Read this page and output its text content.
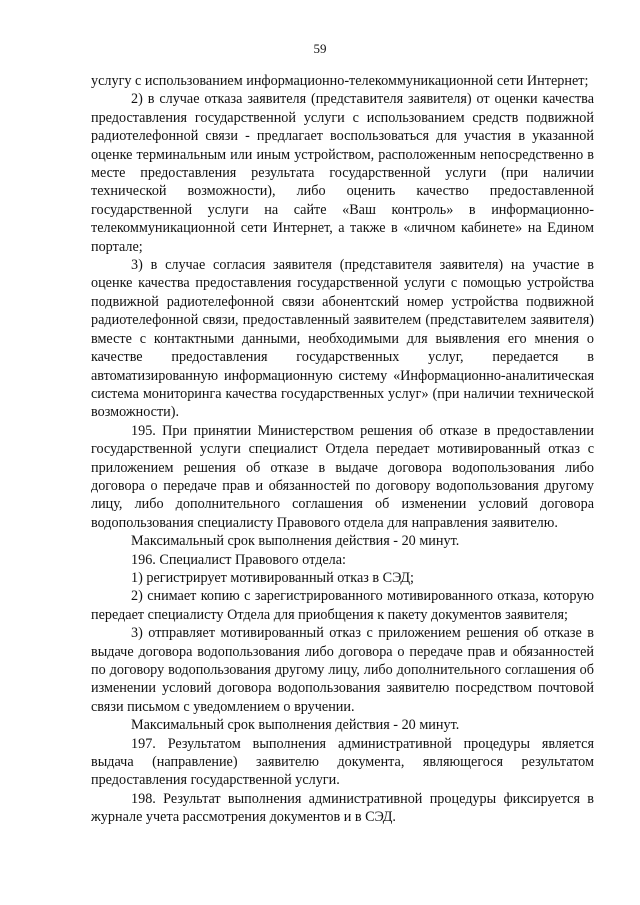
59

услугу с использованием информационно-телекоммуникационной сети Интернет;

2) в случае отказа заявителя (представителя заявителя) от оценки качества предоставления государственной услуги с использованием средств подвижной радиотелефонной связи - предлагает воспользоваться для участия в указанной оценке терминальным или иным устройством, расположенным непосредственно в месте предоставления результата государственной услуги (при наличии технической возможности), либо оценить качество предоставленной государственной услуги на сайте «Ваш контроль» в информационно-телекоммуникационной сети Интернет, а также в «личном кабинете» на Едином портале;

3) в случае согласия заявителя (представителя заявителя) на участие в оценке качества предоставления государственной услуги с помощью устройства подвижной радиотелефонной связи абонентский номер устройства подвижной радиотелефонной связи, предоставленный заявителем (представителем заявителя) вместе с контактными данными, необходимыми для выявления его мнения о качестве предоставления государственных услуг, передается в автоматизированную информационную систему «Информационно-аналитическая система мониторинга качества государственных услуг» (при наличии технической возможности).

195. При принятии Министерством решения об отказе в предоставлении государственной услуги специалист Отдела передает мотивированный отказ с приложением решения об отказе в выдаче договора водопользования либо договора о передаче прав и обязанностей по договору водопользования другому лицу, либо дополнительного соглашения об изменении условий договора водопользования специалисту Правового отдела для направления заявителю.

Максимальный срок выполнения действия - 20 минут.

196. Специалист Правового отдела:

1) регистрирует мотивированный отказ в СЭД;

2) снимает копию с зарегистрированного мотивированного отказа, которую передает специалисту Отдела для приобщения к пакету документов заявителя;

3) отправляет мотивированный отказ с приложением решения об отказе в выдаче договора водопользования либо договора о передаче прав и обязанностей по договору водопользования другому лицу, либо дополнительного соглашения об изменении условий договора водопользования заявителю посредством почтовой связи письмом с уведомлением о вручении.

Максимальный срок выполнения действия - 20 минут.

197. Результатом выполнения административной процедуры является выдача (направление) заявителю документа, являющегося результатом предоставления государственной услуги.

198. Результат выполнения административной процедуры фиксируется в журнале учета рассмотрения документов и в СЭД.
